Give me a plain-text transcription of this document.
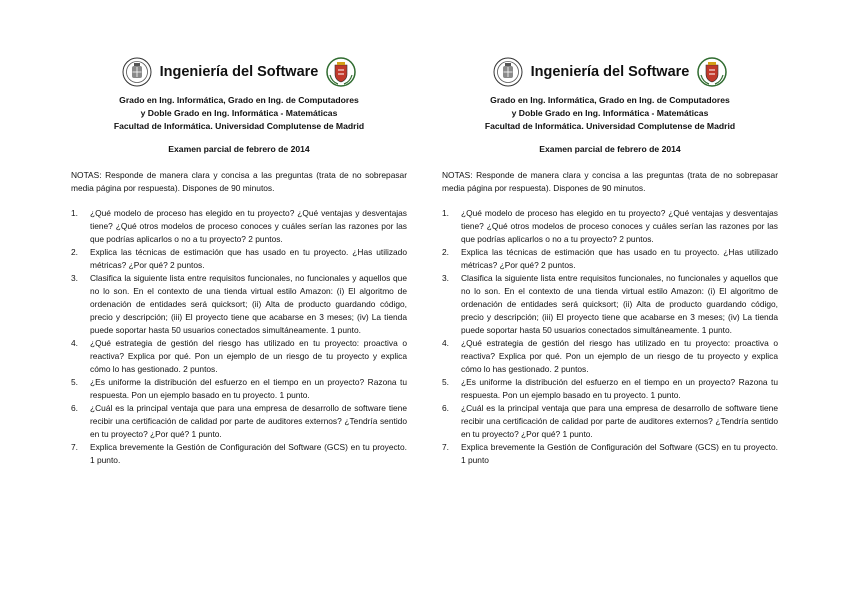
Ingeniería del Software
Grado en Ing. Informática, Grado en Ing. de Computadores
y Doble Grado en Ing. Informática - Matemáticas
Facultad de Informática. Universidad Complutense de Madrid
Examen parcial de febrero de 2014
NOTAS: Responde de manera clara y concisa a las preguntas (trata de no sobrepasar media página por respuesta). Dispones de 90 minutos.
1. ¿Qué modelo de proceso has elegido en tu proyecto? ¿Qué ventajas y desventajas tiene? ¿Qué otros modelos de proceso conoces y cuáles serían las razones por las que podrías aplicarlos o no a tu proyecto? 2 puntos.
2. Explica las técnicas de estimación que has usado en tu proyecto. ¿Has utilizado métricas? ¿Por qué? 2 puntos.
3. Clasifica la siguiente lista entre requisitos funcionales, no funcionales y aquellos que no lo son. En el contexto de una tienda virtual estilo Amazon: (i) El algoritmo de ordenación de entidades será quicksort; (ii) Alta de producto guardando código, precio y descripción; (iii) El proyecto tiene que acabarse en 3 meses; (iv) La tienda puede soportar hasta 50 usuarios conectados simultáneamente. 1 punto.
4. ¿Qué estrategia de gestión del riesgo has utilizado en tu proyecto: proactiva o reactiva? Explica por qué. Pon un ejemplo de un riesgo de tu proyecto y explica cómo lo has gestionado. 2 puntos.
5. ¿Es uniforme la distribución del esfuerzo en el tiempo en un proyecto? Razona tu respuesta. Pon un ejemplo basado en tu proyecto. 1 punto.
6. ¿Cuál es la principal ventaja que para una empresa de desarrollo de software tiene recibir una certificación de calidad por parte de auditores externos? ¿Tendría sentido en tu proyecto? ¿Por qué? 1 punto.
7. Explica brevemente la Gestión de Configuración del Software (GCS) en tu proyecto. 1 punto.
Ingeniería del Software
Grado en Ing. Informática, Grado en Ing. de Computadores
y Doble Grado en Ing. Informática - Matemáticas
Facultad de Informática. Universidad Complutense de Madrid
Examen parcial de febrero de 2014
NOTAS: Responde de manera clara y concisa a las preguntas (trata de no sobrepasar media página por respuesta). Dispones de 90 minutos.
1. ¿Qué modelo de proceso has elegido en tu proyecto? ¿Qué ventajas y desventajas tiene? ¿Qué otros modelos de proceso conoces y cuáles serían las razones por las que podrías aplicarlos o no a tu proyecto? 2 puntos.
2. Explica las técnicas de estimación que has usado en tu proyecto. ¿Has utilizado métricas? ¿Por qué? 2 puntos.
3. Clasifica la siguiente lista entre requisitos funcionales, no funcionales y aquellos que no lo son. En el contexto de una tienda virtual estilo Amazon: (i) El algoritmo de ordenación de entidades será quicksort; (ii) Alta de producto guardando código, precio y descripción; (iii) El proyecto tiene que acabarse en 3 meses; (iv) La tienda puede soportar hasta 50 usuarios conectados simultáneamente. 1 punto.
4. ¿Qué estrategia de gestión del riesgo has utilizado en tu proyecto: proactiva o reactiva? Explica por qué. Pon un ejemplo de un riesgo de tu proyecto y explica cómo lo has gestionado. 2 puntos.
5. ¿Es uniforme la distribución del esfuerzo en el tiempo en un proyecto? Razona tu respuesta. Pon un ejemplo basado en tu proyecto. 1 punto.
6. ¿Cuál es la principal ventaja que para una empresa de desarrollo de software tiene recibir una certificación de calidad por parte de auditores externos? ¿Tendría sentido en tu proyecto? ¿Por qué? 1 punto.
7. Explica brevemente la Gestión de Configuración del Software (GCS) en tu proyecto. 1 punto
